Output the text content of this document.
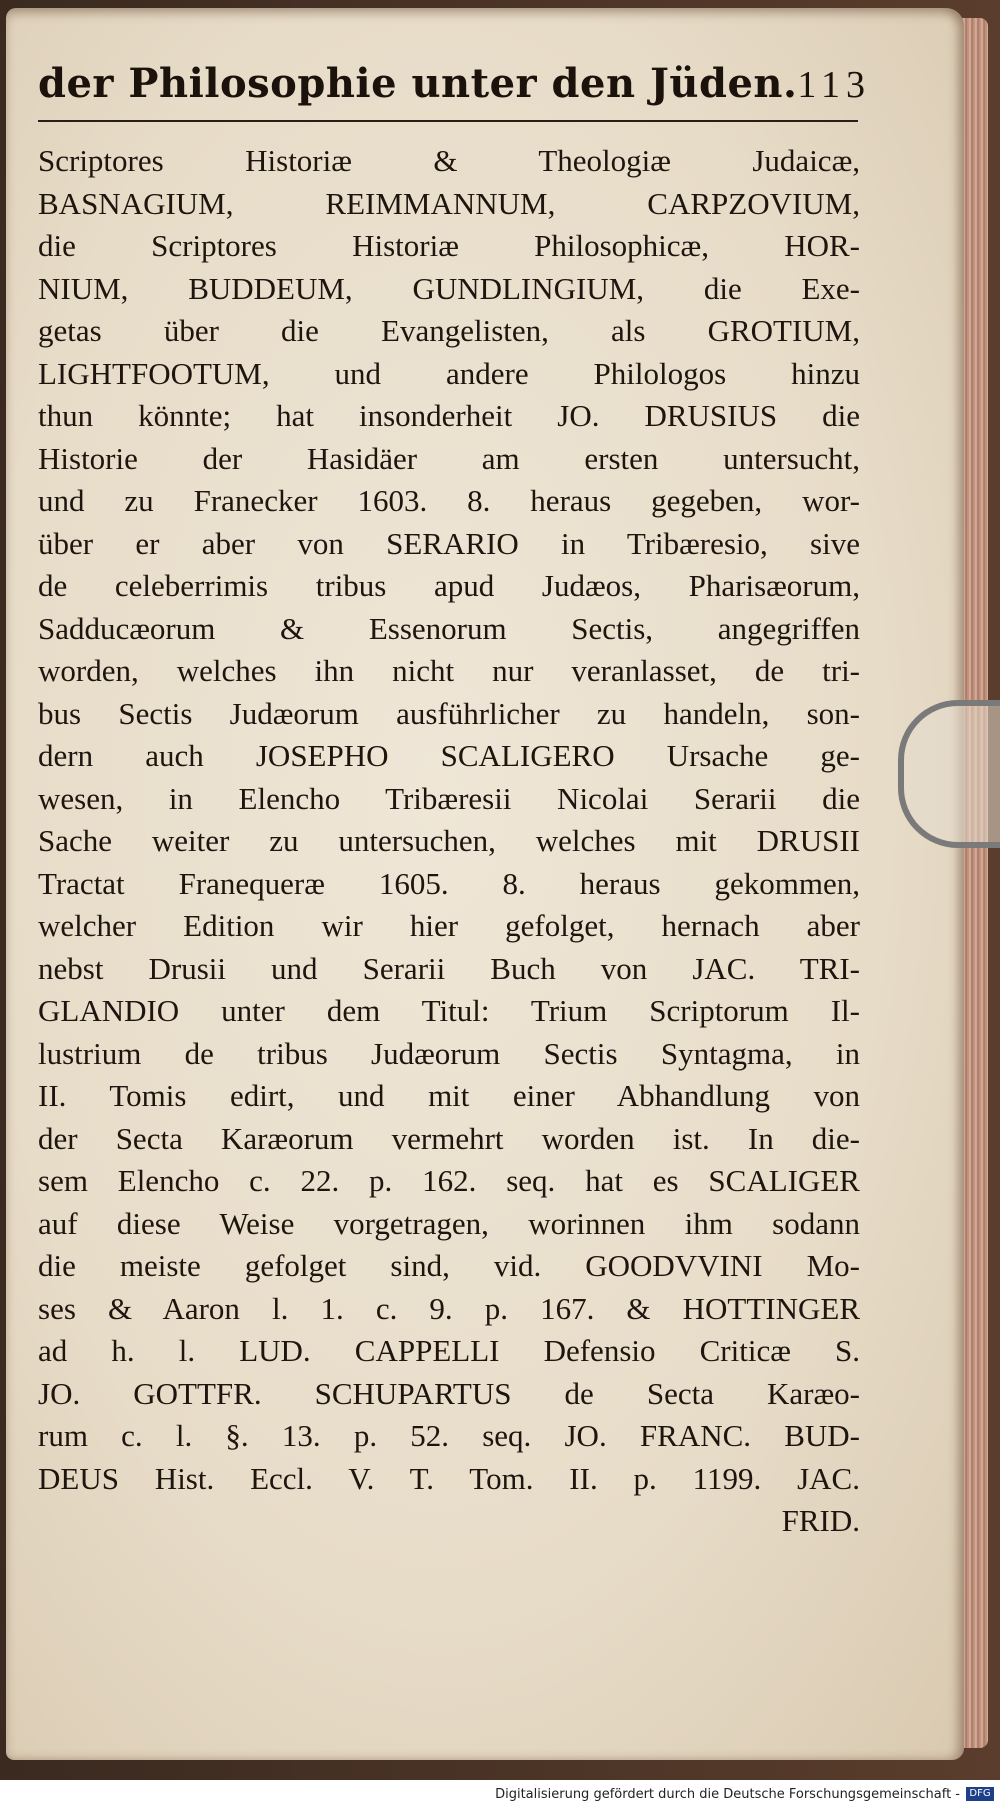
der Philosophie unter den Jüden. 113
Scriptores Historiæ & Theologiæ Judaicæ,
BASNAGIUM, REIMMANNUM, CARPZOVIUM,
die Scriptores Historiæ Philosophicæ, HOR-
NIUM, BUDDEUM, GUNDLINGIUM, die Exe-
getas über die Evangelisten, als GROTIUM,
LIGHTFOOTUM, und andere Philologos hinzu
thun könnte; hat insonderheit JO. DRUSIUS die
Historie der Hasidäer am ersten untersucht,
und zu Franecker 1603. 8. heraus gegeben, wor-
über er aber von SERARIO in Tribæresio, sive
de celeberrimis tribus apud Judæos, Pharisæorum,
Sadducæorum & Essenorum Sectis, angegriffen
worden, welches ihn nicht nur veranlasset, de tri-
bus Sectis Judæorum ausführlicher zu handeln, son-
dern auch JOSEPHO SCALIGERO Ursache ge-
wesen, in Elencho Tribæresii Nicolai Serarii die
Sache weiter zu untersuchen, welches mit DRUSII
Tractat Franequeræ 1605. 8. heraus gekommen,
welcher Edition wir hier gefolget, hernach aber
nebst Drusii und Serarii Buch von JAC. TRI-
GLANDIO unter dem Titul: Trium Scriptorum Il-
lustrium de tribus Judæorum Sectis Syntagma, in
II. Tomis edirt, und mit einer Abhandlung von
der Secta Karæorum vermehrt worden ist. In die-
sem Elencho c. 22. p. 162. seq. hat es SCALIGER
auf diese Weise vorgetragen, worinnen ihm sodann
die meiste gefolget sind, vid. GOODVVINI Mo-
ses & Aaron l. 1. c. 9. p. 167. & HOTTINGER
ad h. l. LUD. CAPPELLI Defensio Criticæ S.
JO. GOTTFR. SCHUPARTUS de Secta Karæo-
rum c. l. §. 13. p. 52. seq. JO. FRANC. BUD-
DEUS Hist. Eccl. V. T. Tom. II. p. 1199. JAC.
FRID.
Digitalisierung gefördert durch die Deutsche Forschungsgemeinschaft - DFG
